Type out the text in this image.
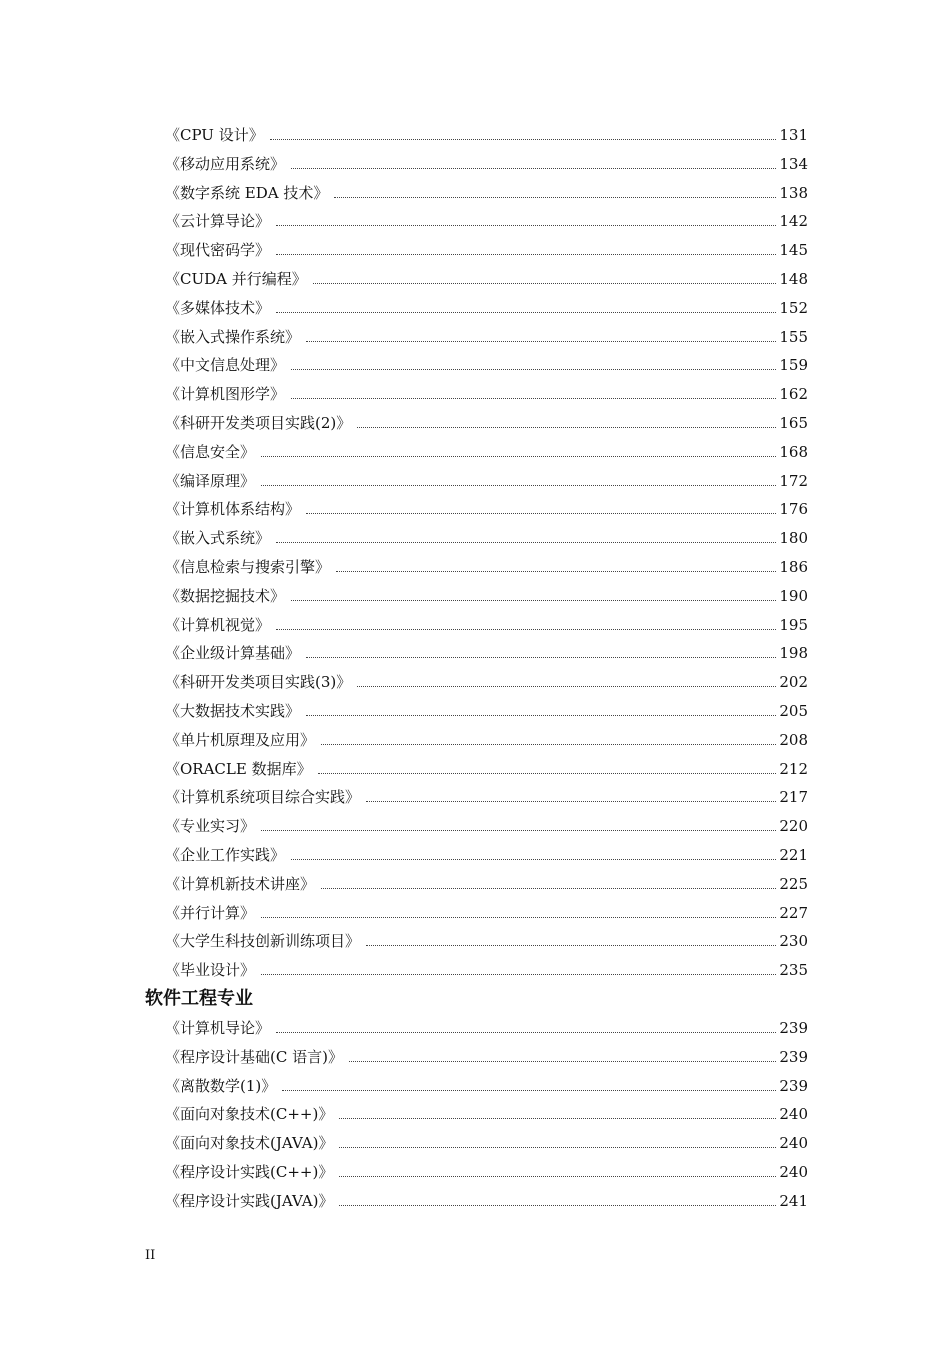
《CPU 设计》	131
《移动应用系统》	134
《数字系统 EDA 技术》	138
《云计算导论》	142
《现代密码学》	145
《CUDA 并行编程》	148
《多媒体技术》	152
《嵌入式操作系统》	155
《中文信息处理》	159
《计算机图形学》	162
《科研开发类项目实践(2)》	165
《信息安全》	168
《编译原理》	172
《计算机体系结构》	176
《嵌入式系统》	180
《信息检索与搜索引擎》	186
《数据挖掘技术》	190
《计算机视觉》	195
《企业级计算基础》	198
《科研开发类项目实践(3)》	202
《大数据技术实践》	205
《单片机原理及应用》	208
《ORACLE 数据库》	212
《计算机系统项目综合实践》	217
《专业实习》	220
《企业工作实践》	221
《计算机新技术讲座》	225
《并行计算》	227
《大学生科技创新训练项目》	230
《毕业设计》	235
《计算机导论》	239
《程序设计基础(C 语言)》	239
《离散数学(1)》	239
《面向对象技术(C++)》	240
《面向对象技术(JAVA)》	240
《程序设计实践(C++)》	240
《程序设计实践(JAVA)》	241
软件工程专业
II
